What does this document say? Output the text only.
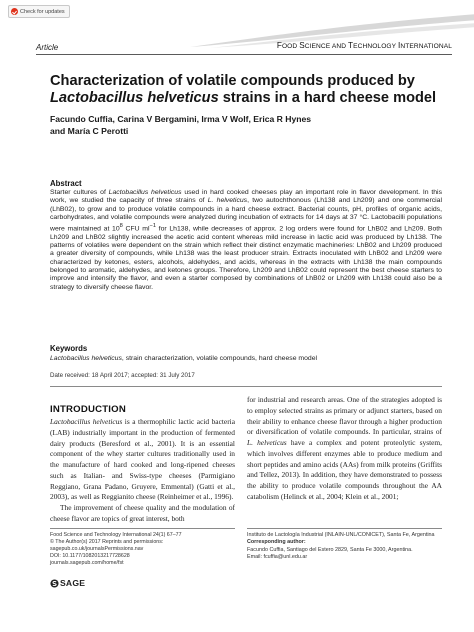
Check for updates
Article	FOOD SCIENCE AND TECHNOLOGY INTERNATIONAL
Characterization of volatile compounds produced by
Lactobacillus helveticus strains in a hard cheese model
Facundo Cuffia, Carina V Bergamini, Irma V Wolf, Erica R Hynes
and María C Perotti
Abstract
Starter cultures of Lactobacillus helveticus used in hard cooked cheeses play an important role in flavor development. In this work, we studied the capacity of three strains of L. helveticus, two autochthonous (Lh138 and Lh209) and one commercial (LhB02), to grow and to produce volatile compounds in a hard cheese extract. Bacterial counts, pH, profiles of organic acids, carbohydrates, and volatile compounds were analyzed during incubation of extracts for 14 days at 37 °C. Lactobacilli populations were maintained at $10^8$ CFU $ml^{-1}$ for Lh138, while decreases of approx. 2 log orders were found for LhB02 and Lh209. Both Lh209 and LhB02 slightly increased the acetic acid content whereas mild increase in lactic acid was produced by Lh138. The patterns of volatiles were dependent on the strain which reflect their distinct enzymatic machineries: LhB02 and Lh209 produced a greater diversity of compounds, while Lh138 was the least producer strain. Extracts inoculated with LhB02 and Lh209 were characterized by ketones, esters, alcohols, aldehydes, and acids, whereas in the extracts with Lh138 the main compounds belonged to aromatic, aldehydes, and ketones groups. Therefore, Lh209 and LhB02 could represent the best cheese starters to improve and intensify the flavor, and even a starter composed by combinations of LhB02 or Lh209 with Lh138 could also be a strategy to diversify cheese flavor.
Keywords
Lactobacillus helveticus, strain characterization, volatile compounds, hard cheese model
Date received: 18 April 2017; accepted: 31 July 2017
INTRODUCTION
Lactobacillus helveticus is a thermophilic lactic acid bacteria (LAB) industrially important in the production of fermented dairy products (Beresford et al., 2001). It is an essential component of the whey starter cultures traditionally used in the manufacture of hard cooked and long-ripened cheeses such as Italian- and Swiss-type cheeses (Parmigiano Reggiano, Grana Padano, Gruyere, Emmental) (Gatti et al., 2003), as well as Reggianito cheese (Reinheimer et al., 1996).
The improvement of cheese quality and the modulation of cheese flavor are topics of great interest, both
for industrial and research areas. One of the strategies adopted is to employ selected strains as primary or adjunct starters, based on their ability to enhance cheese flavor through a higher production or diversification of volatile compounds. In particular, strains of L. helveticus have a complex and potent proteolytic system, which involves different enzymes able to produce medium and short peptides and amino acids (AAs) from milk proteins (Griffits and Tellez, 2013). In addition, they have demonstrated to possess the ability to produce volatile compounds throughout the AA catabolism (Helinck et al., 2004; Klein et al., 2001;
Food Science and Technology International 24(1) 67–77
© The Author(s) 2017 Reprints and permissions:
sagepub.co.uk/journalsPermissions.nav
DOI: 10.1177/1082013217728628
journals.sagepub.com/home/fst
SAGE
Instituto de Lactología Industrial (INLAIN-UNL/CONICET), Santa Fe, Argentina
Corresponding author:
Facundo Cuffia, Santiago del Estero 2829, Santa Fe 3000, Argentina.
Email: fcuffia@unl.edu.ar
